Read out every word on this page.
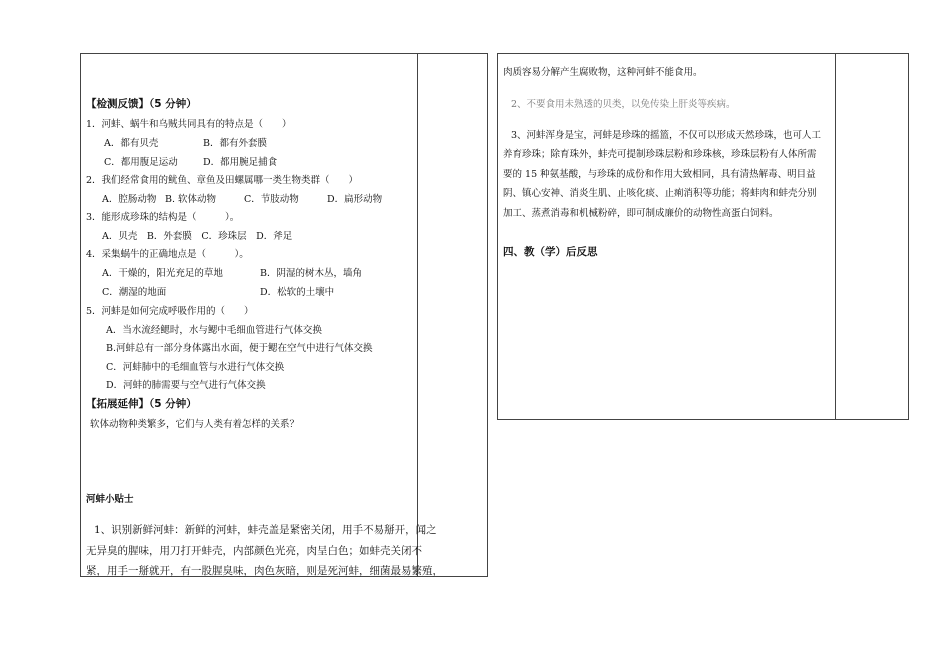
【检测反馈】（5 分钟）
1．河蚌、蜗牛和乌贼共同具有的特点是（　　）
A．都有贝壳	B．都有外套膜
C．都用腹足运动	D．都用腕足捕食
2．我们经常食用的鱿鱼、章鱼及田螺属哪一类生物类群（　　）
A．腔肠动物 B. 软体动物	C．节肢动物	D．扁形动物
3．能形成珍珠的结构是（　　　）。
A．贝壳　B．外套膜　C．珍珠层　D．斧足
4．采集蜗牛的正确地点是（　　　）。
A．干燥的，阳光充足的草地	B．阴湿的树木丛，墙角
C．潮湿的地面	D．松软的土壤中
5．河蚌是如何完成呼吸作用的（　　）
A．当水流经鳃时，水与鳃中毛细血管进行气体交换
B.河蚌总有一部分身体露出水面，便于鳃在空气中进行气体交换
C．河蚌肺中的毛细血管与水进行气体交换
D．河蚌的肺需要与空气进行气体交换
【拓展延伸】（5 分钟）
软体动物种类繁多，它们与人类有着怎样的关系？
河蚌小贴士
1、识别新鲜河蚌：新鲜的河蚌，蚌壳盖是紧密关闭，用手不易掰开，闻之
无异臭的腥味，用刀打开蚌壳，内部颜色光亮，肉呈白色；如蚌壳关闭不
紧，用手一掰就开，有一股腥臭味，肉色灰暗，则是死河蚌，细菌最易繁殖，
肉质容易分解产生腐败物，这种河蚌不能食用。
2、不要食用未熟透的贝类，以免传染上肝炎等疾病。
3、河蚌浑身是宝，河蚌是珍珠的摇篮，不仅可以形成天然珍珠，也可人工
养育珍珠；除育珠外，蚌壳可提制珍珠层粉和珍珠核，珍珠层粉有人体所需
要的 15 种氨基酸，与珍珠的成份和作用大致相同，具有清热解毒、明目益
阴、镇心安神、消炎生肌、止咳化痰、止痢消积等功能；将蚌肉和蚌壳分别
加工、蒸煮消毒和机械粉碎，即可制成廉价的动物性高蛋白饲料。
四、教（学）后反思
